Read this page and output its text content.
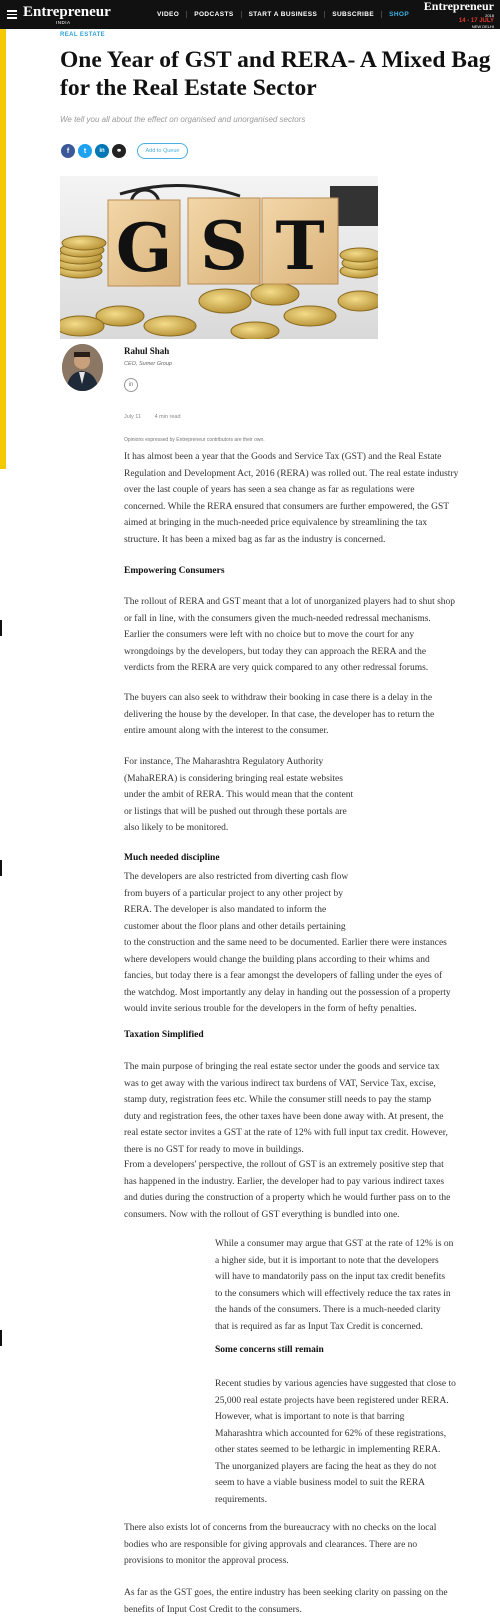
Entrepreneur
INDIA
VIDEO	PODCASTS	START A BUSINESS	SUBSCRIBE	SHOP
Entrepreneur
2018
14 - 17 JULY
NEW DELHI
REAL ESTATE
One Year of GST and RERA- A Mixed Bag
for the Real Estate Sector
We tell you all about the effect on organised and unorganised sectors
f	t	in	⚭	Add to Queue
G S T
Rahul Shah
CEO, Sumer Group
in
July 11 4 min read
Opinions expressed by Entrepreneur contributors are their own.
It has almost been a year that the Goods and Service Tax (GST) and the Real Estate
Regulation and Development Act, 2016 (RERA) was rolled out. The real estate industry
over the last couple of years has seen a sea change as far as regulations were
concerned. While the RERA ensured that consumers are further empowered, the GST
aimed at bringing in the much-needed price equivalence by streamlining the tax
structure. It has been a mixed bag as far as the industry is concerned.
Empowering Consumers
The rollout of RERA and GST meant that a lot of unorganized players had to shut shop
or fall in line, with the consumers given the much-needed redressal mechanisms.
Earlier the consumers were left with no choice but to move the court for any
wrongdoings by the developers, but today they can approach the RERA and the
verdicts from the RERA are very quick compared to any other redressal forums.
The buyers can also seek to withdraw their booking in case there is a delay in the
delivering the house by the developer. In that case, the developer has to return the
entire amount along with the interest to the consumer.
For instance, The Maharashtra Regulatory Authority
(MahaRERA) is considering bringing real estate websites
under the ambit of RERA. This would mean that the content
or listings that will be pushed out through these portals are
also likely to be monitored.
Much needed discipline
The developers are also restricted from diverting cash flow
from buyers of a particular project to any other project by
RERA. The developer is also mandated to inform the
customer about the floor plans and other details pertaining
to the construction and the same need to be documented. Earlier there were instances
where developers would change the building plans according to their whims and
fancies, but today there is a fear amongst the developers of falling under the eyes of
the watchdog. Most importantly any delay in handing out the possession of a property
would invite serious trouble for the developers in the form of hefty penalties.
Taxation Simplified
The main purpose of bringing the real estate sector under the goods and service tax
was to get away with the various indirect tax burdens of VAT, Service Tax, excise,
stamp duty, registration fees etc. While the consumer still needs to pay the stamp
duty and registration fees, the other taxes have been done away with. At present, the
real estate sector invites a GST at the rate of 12% with full input tax credit. However,
there is no GST for ready to move in buildings.
From a developers' perspective, the rollout of GST is an extremely positive step that
has happened in the industry. Earlier, the developer had to pay various indirect taxes
and duties during the construction of a property which he would further pass on to the
consumers. Now with the rollout of GST everything is bundled into one.
While a consumer may argue that GST at the rate of 12% is on
a higher side, but it is important to note that the developers
will have to mandatorily pass on the input tax credit benefits
to the consumers which will effectively reduce the tax rates in
the hands of the consumers. There is a much-needed clarity
that is required as far as Input Tax Credit is concerned.
Some concerns still remain
Recent studies by various agencies have suggested that close to
25,000 real estate projects have been registered under RERA.
However, what is important to note is that barring
Maharashtra which accounted for 62% of these registrations,
other states seemed to be lethargic in implementing RERA.
The unorganized players are facing the heat as they do not
seem to have a viable business model to suit the RERA
requirements.
There also exists lot of concerns from the bureaucracy with no checks on the local
bodies who are responsible for giving approvals and clearances. There are no
provisions to monitor the approval process.
As far as the GST goes, the entire industry has been seeking clarity on passing on the
benefits of Input Cost Credit to the consumers.
